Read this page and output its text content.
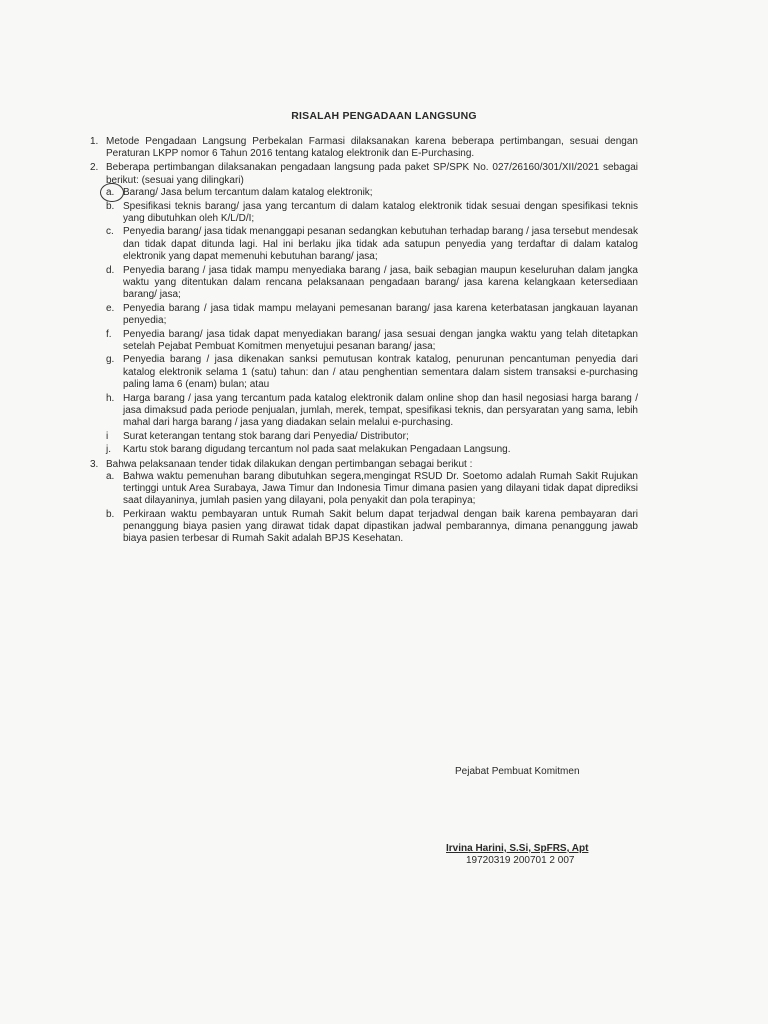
RISALAH PENGADAAN LANGSUNG
1. Metode Pengadaan Langsung Perbekalan Farmasi dilaksanakan karena beberapa pertimbangan, sesuai dengan Peraturan LKPP nomor 6 Tahun 2016 tentang katalog elektronik dan E-Purchasing.
2. Beberapa pertimbangan dilaksanakan pengadaan langsung pada paket SP/SPK No. 027/26160/301/XII/2021 sebagai berikut: (sesuai yang dilingkari)
a. Barang/ Jasa belum tercantum dalam katalog elektronik;
b. Spesifikasi teknis barang/ jasa yang tercantum di dalam katalog elektronik tidak sesuai dengan spesifikasi teknis yang dibutuhkan oleh K/L/D/I;
c. Penyedia barang/ jasa tidak menanggapi pesanan sedangkan kebutuhan terhadap barang / jasa tersebut mendesak dan tidak dapat ditunda lagi. Hal ini berlaku jika tidak ada satupun penyedia yang terdaftar di dalam katalog elektronik yang dapat memenuhi kebutuhan barang/ jasa;
d. Penyedia barang / jasa tidak mampu menyediaka barang / jasa, baik sebagian maupun keseluruhan dalam jangka waktu yang ditentukan dalam rencana pelaksanaan pengadaan barang/ jasa karena kelangkaan ketersediaan barang/ jasa;
e. Penyedia barang / jasa tidak mampu melayani pemesanan barang/ jasa karena keterbatasan jangkauan layanan penyedia;
f.	Penyedia barang/ jasa tidak dapat menyediakan barang/ jasa sesuai dengan jangka waktu yang telah ditetapkan setelah Pejabat Pembuat Komitmen menyetujui pesanan barang/ jasa;
g. Penyedia barang / jasa dikenakan sanksi pemutusan kontrak katalog, penurunan pencantuman penyedia dari katalog elektronik selama 1 (satu) tahun: dan / atau penghentian sementara dalam sistem transaksi e-purchasing paling lama 6 (enam) bulan; atau
h. Harga barang / jasa yang tercantum pada katalog elektronik dalam online shop dan hasil negosiasi harga barang / jasa dimaksud pada periode penjualan, jumlah, merek, tempat, spesifikasi teknis, dan persyaratan yang sama, lebih mahal dari harga barang / jasa yang diadakan selain melalui e-purchasing.
i	Surat keterangan tentang stok barang dari Penyedia/ Distributor;
j.	Kartu stok barang digudang tercantum nol pada saat melakukan Pengadaan Langsung.
3. Bahwa pelaksanaan tender tidak dilakukan dengan pertimbangan sebagai berikut :
a. Bahwa waktu pemenuhan barang dibutuhkan segera,mengingat RSUD Dr. Soetomo adalah Rumah Sakit Rujukan tertinggi untuk Area Surabaya, Jawa Timur dan Indonesia Timur dimana pasien yang dilayani tidak dapat diprediksi saat dilayaninya, jumlah pasien yang dilayani, pola penyakit dan pola terapinya;
b. Perkiraan waktu pembayaran untuk Rumah Sakit belum dapat terjadwal dengan baik karena pembayaran dari penanggung biaya pasien yang dirawat tidak dapat dipastikan jadwal pembarannya, dimana penanggung jawab biaya pasien terbesar di Rumah Sakit adalah BPJS Kesehatan.
Pejabat Pembuat Komitmen
Irvina Harini, S.Si, SpFRS, Apt
19720319 200701 2 007
